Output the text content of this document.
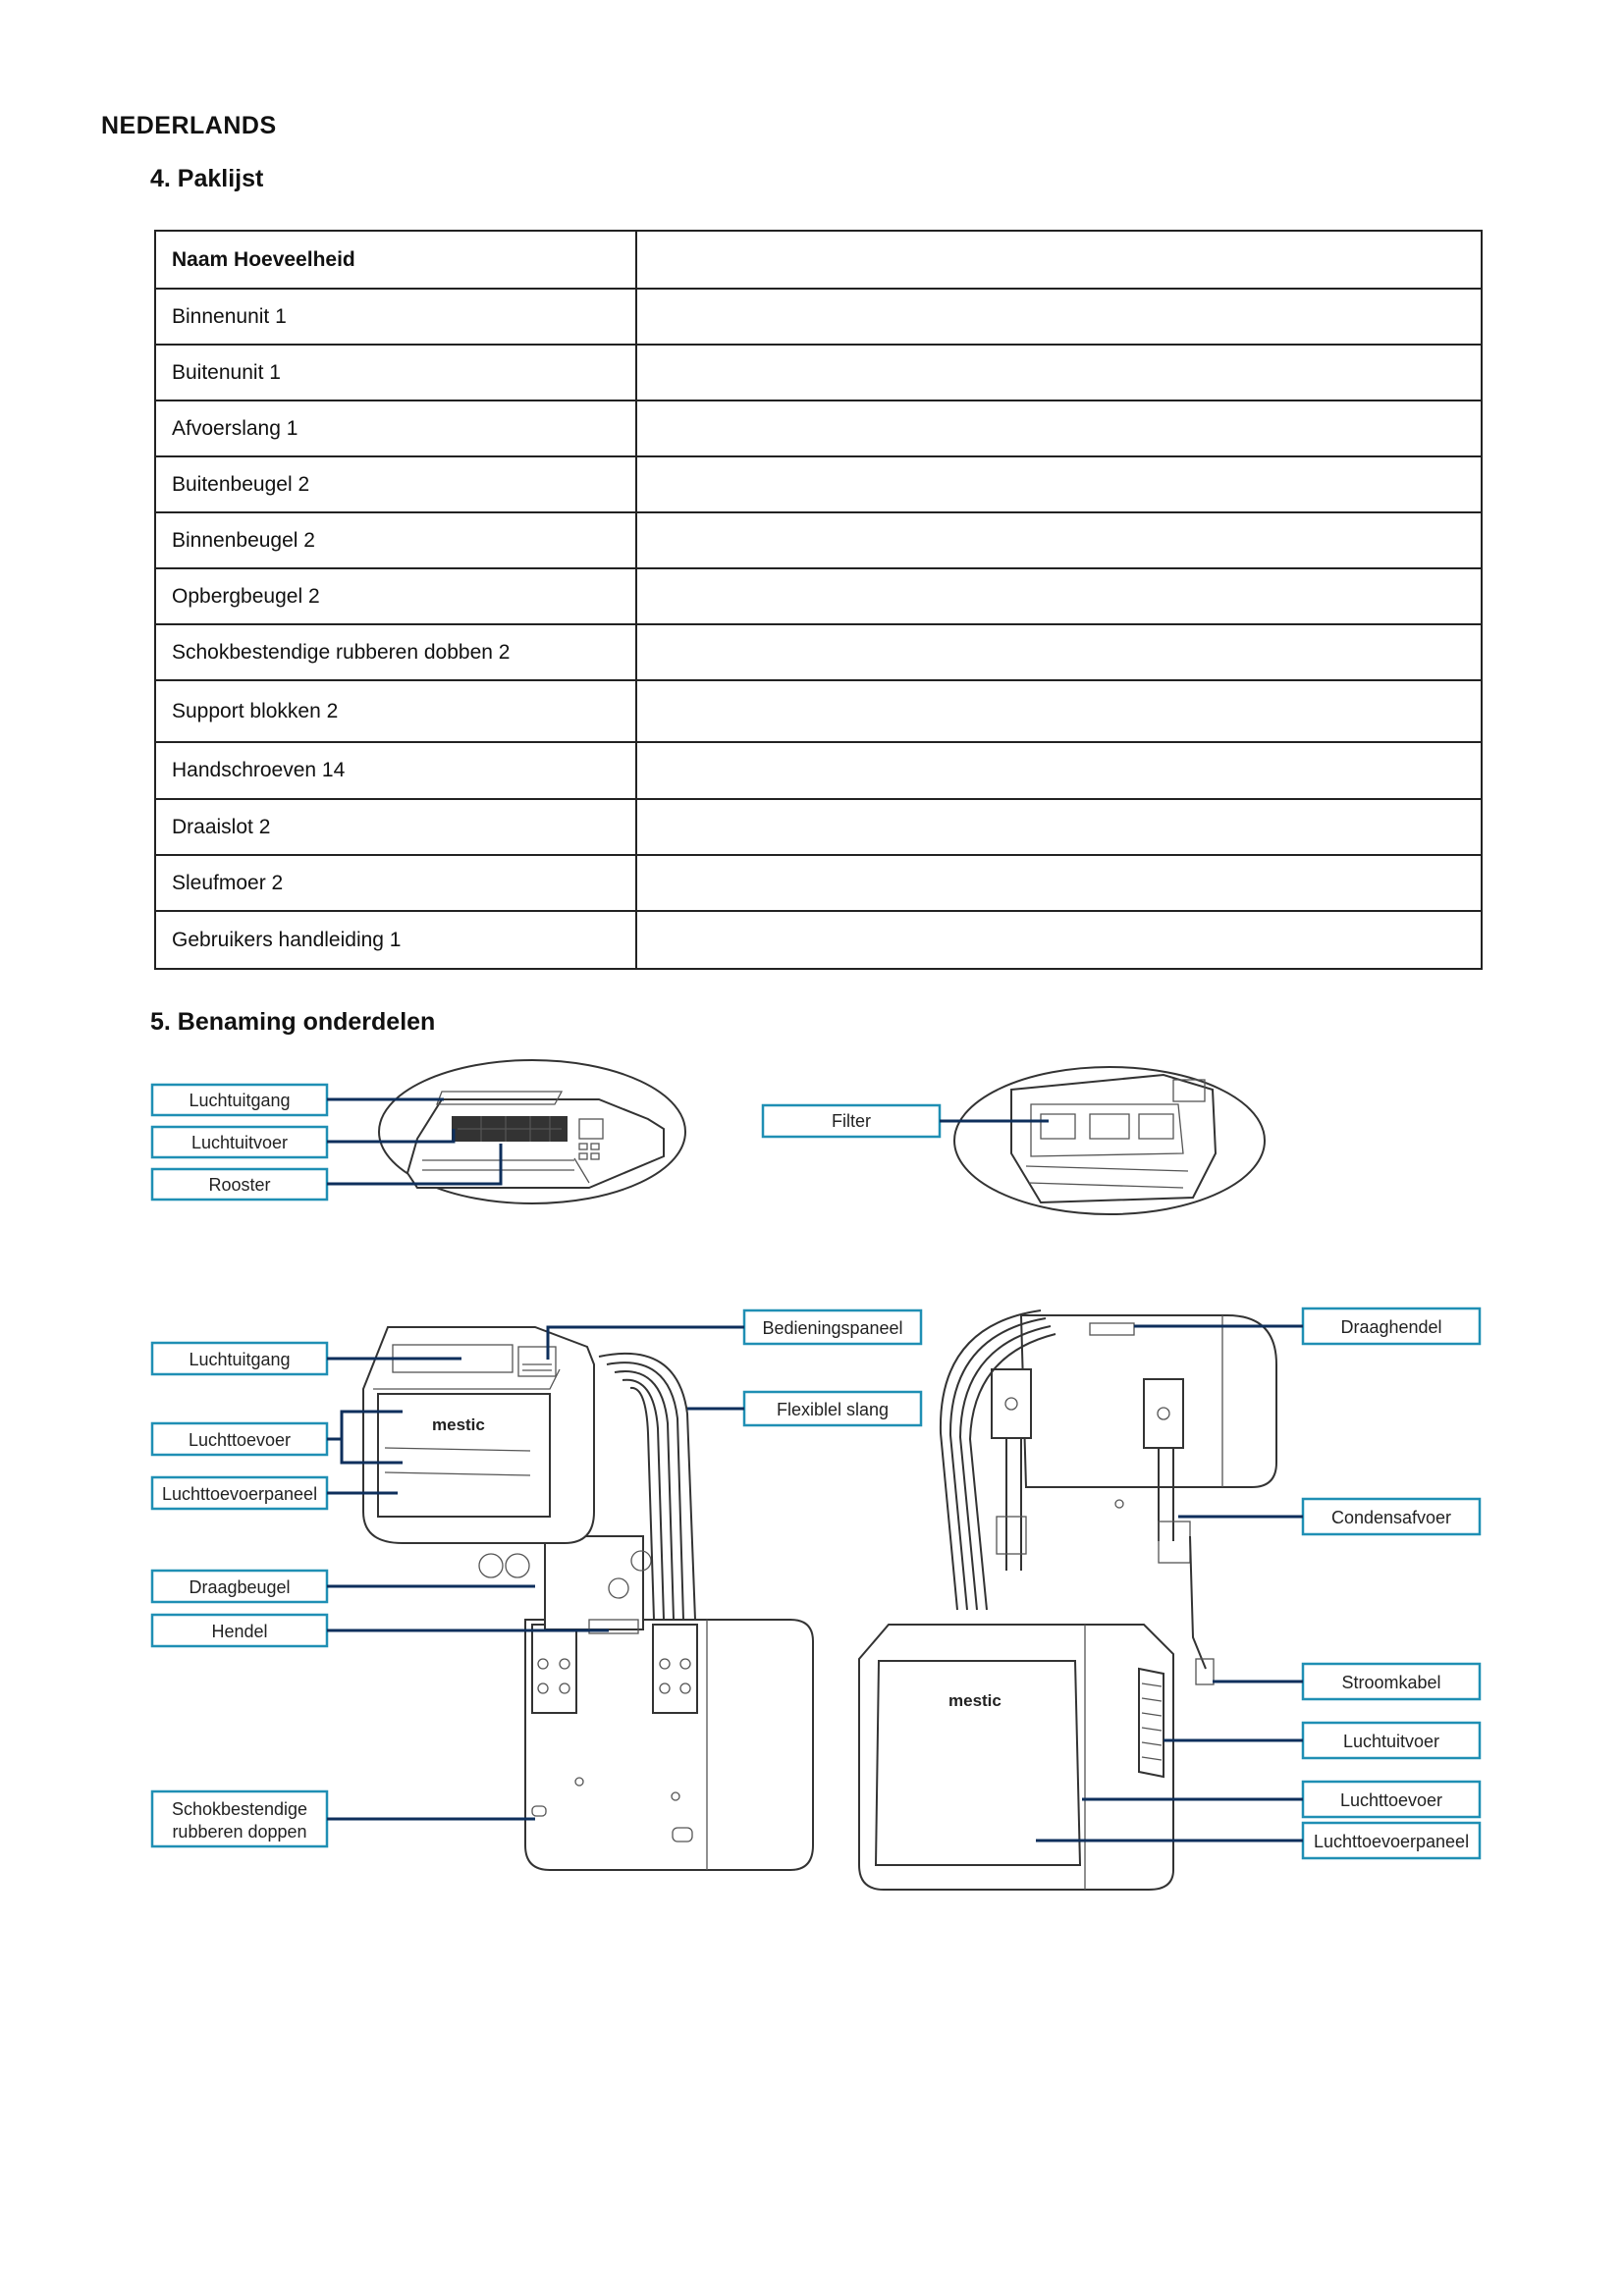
NEDERLANDS
4. Paklijst
Naam Hoeveelheid	
Binnenunit 1	
Buitenunit 1	
Afvoerslang 1	
Buitenbeugel 2	
Binnenbeugel 2	
Opbergbeugel 2	
Schokbestendige rubberen dobben 2	
Support blokken 2	
Handschroeven 14	
Draaislot 2	
Sleufmoer 2	
Gebruikers handleiding 1	
5. Benaming onderdelen
Luchtuitgang
Luchtuitvoer
Rooster
Filter
mestic
Luchtuitgang
Luchttoevoer
Luchttoevoerpaneel
Draagbeugel
Hendel
Schokbestendige
rubberen doppen
Bedieningspaneel
Flexiblel slang
mestic
Draaghendel
Condensafvoer
Stroomkabel
Luchtuitvoer
Luchttoevoer
Luchttoevoerpaneel
